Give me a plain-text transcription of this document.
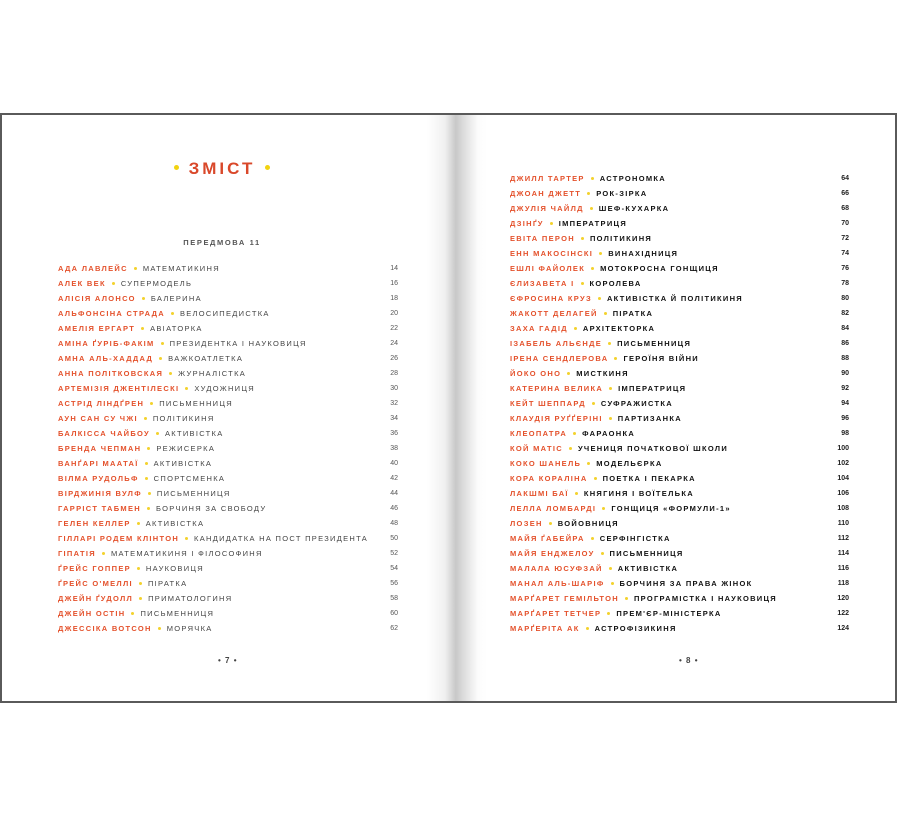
ЗМІСТ
ПЕРЕДМОВА 11
АДА ЛАВЛЕЙС МАТЕМАТИКИНЯ	14
АЛЕК ВЕК СУПЕРМОДЕЛЬ	16
АЛІСІЯ АЛОНСО БАЛЕРИНА	18
АЛЬФОНСІНА СТРАДА ВЕЛОСИПЕДИСТКА	20
АМЕЛІЯ ЕРГАРТ АВІАТОРКА	22
АМІНА ҐУРІБ-ФАКІМ ПРЕЗИДЕНТКА І НАУКОВИЦЯ	24
АМНА АЛЬ-ХАДДАД ВАЖКОАТЛЕТКА	26
АННА ПОЛІТКОВСКАЯ ЖУРНАЛІСТКА	28
АРТЕМІЗІЯ ДЖЕНТІЛЕСКІ ХУДОЖНИЦЯ	30
АСТРІД ЛІНДҐРЕН ПИСЬМЕННИЦЯ	32
АУН САН СУ ЧЖІ ПОЛІТИКИНЯ	34
БАЛКІССА ЧАЙБОУ АКТИВІСТКА	36
БРЕНДА ЧЕПМАН РЕЖИСЕРКА	38
ВАНҐАРІ МААТАЇ АКТИВІСТКА	40
ВІЛМА РУДОЛЬФ СПОРТСМЕНКА	42
ВІРДЖИНІЯ ВУЛФ ПИСЬМЕННИЦЯ	44
ГАРРІСТ ТАБМЕН БОРЧИНЯ ЗА СВОБОДУ	46
ГЕЛЕН КЕЛЛЕР АКТИВІСТКА	48
ГІЛЛАРІ РОДЕМ КЛІНТОН КАНДИДАТКА НА ПОСТ ПРЕЗИДЕНТА	50
ГІПАТІЯ МАТЕМАТИКИНЯ І ФІЛОСОФИНЯ	52
ҐРЕЙС ГОППЕР НАУКОВИЦЯ	54
ҐРЕЙС О'МЕЛЛІ ПІРАТКА	56
ДЖЕЙН ҐУДОЛЛ ПРИМАТОЛОГИНЯ	58
ДЖЕЙН ОСТІН ПИСЬМЕННИЦЯ	60
ДЖЕССІКА ВОТСОН МОРЯЧКА	62
• 7 •
ДЖИЛЛ ТАРТЕР АСТРОНОМКА	64
ДЖОАН ДЖЕТТ РОК-ЗІРКА	66
ДЖУЛІЯ ЧАЙЛД ШЕФ-КУХАРКА	68
ДЗІНҐУ ІМПЕРАТРИЦЯ	70
ЕВІТА ПЕРОН ПОЛІТИКИНЯ	72
ЕНН МАКОСІНСКІ ВИНАХІДНИЦЯ	74
ЕШЛІ ФАЙОЛЕК МОТОКРОСНА ГОНЩИЦЯ	76
ЄЛИЗАВЕТА І КОРОЛЕВА	78
ЄФРОСИНА КРУЗ АКТИВІСТКА Й ПОЛІТИКИНЯ	80
ЖАКОТТ ДЕЛАГЕЙ ПІРАТКА	82
ЗАХА ГАДІД АРХІТЕКТОРКА	84
ІЗАБЕЛЬ АЛЬЄНДЕ ПИСЬМЕННИЦЯ	86
ІРЕНА СЕНДЛЕРОВА ГЕРОЇНЯ ВІЙНИ	88
ЙОКО ОНО МИСТКИНЯ	90
КАТЕРИНА ВЕЛИКА ІМПЕРАТРИЦЯ	92
КЕЙТ ШЕППАРД СУФРАЖИСТКА	94
КЛАУДІЯ РУҐҐЕРІНІ ПАРТИЗАНКА	96
КЛЕОПАТРА ФАРАОНКА	98
КОЙ МАТІС УЧЕНИЦЯ ПОЧАТКОВОЇ ШКОЛИ	100
КОКО ШАНЕЛЬ МОДЕЛЬЄРКА	102
КОРА КОРАЛІНА ПОЕТКА І ПЕКАРКА	104
ЛАКШМІ БАЇ КНЯГИНЯ І ВОЇТЕЛЬКА	106
ЛЕЛЛА ЛОМБАРДІ ГОНЩИЦЯ «ФОРМУЛИ-1»	108
ЛОЗЕН ВОЙОВНИЦЯ	110
МАЙЯ ҐАБЕЙРА СЕРФІНГІСТКА	112
МАЙЯ ЕНДЖЕЛОУ ПИСЬМЕННИЦЯ	114
МАЛАЛА ЮСУФЗАЙ АКТИВІСТКА	116
МАНАЛ АЛЬ-ШАРІФ БОРЧИНЯ ЗА ПРАВА ЖІНОК	118
МАРҐАРЕТ ГЕМІЛЬТОН ПРОГРАМІСТКА І НАУКОВИЦЯ	120
МАРҐАРЕТ ТЕТЧЕР ПРЕМ'ЄР-МІНІСТЕРКА	122
МАРҐЕРІТА АК АСТРОФІЗИКИНЯ	124
• 8 •
